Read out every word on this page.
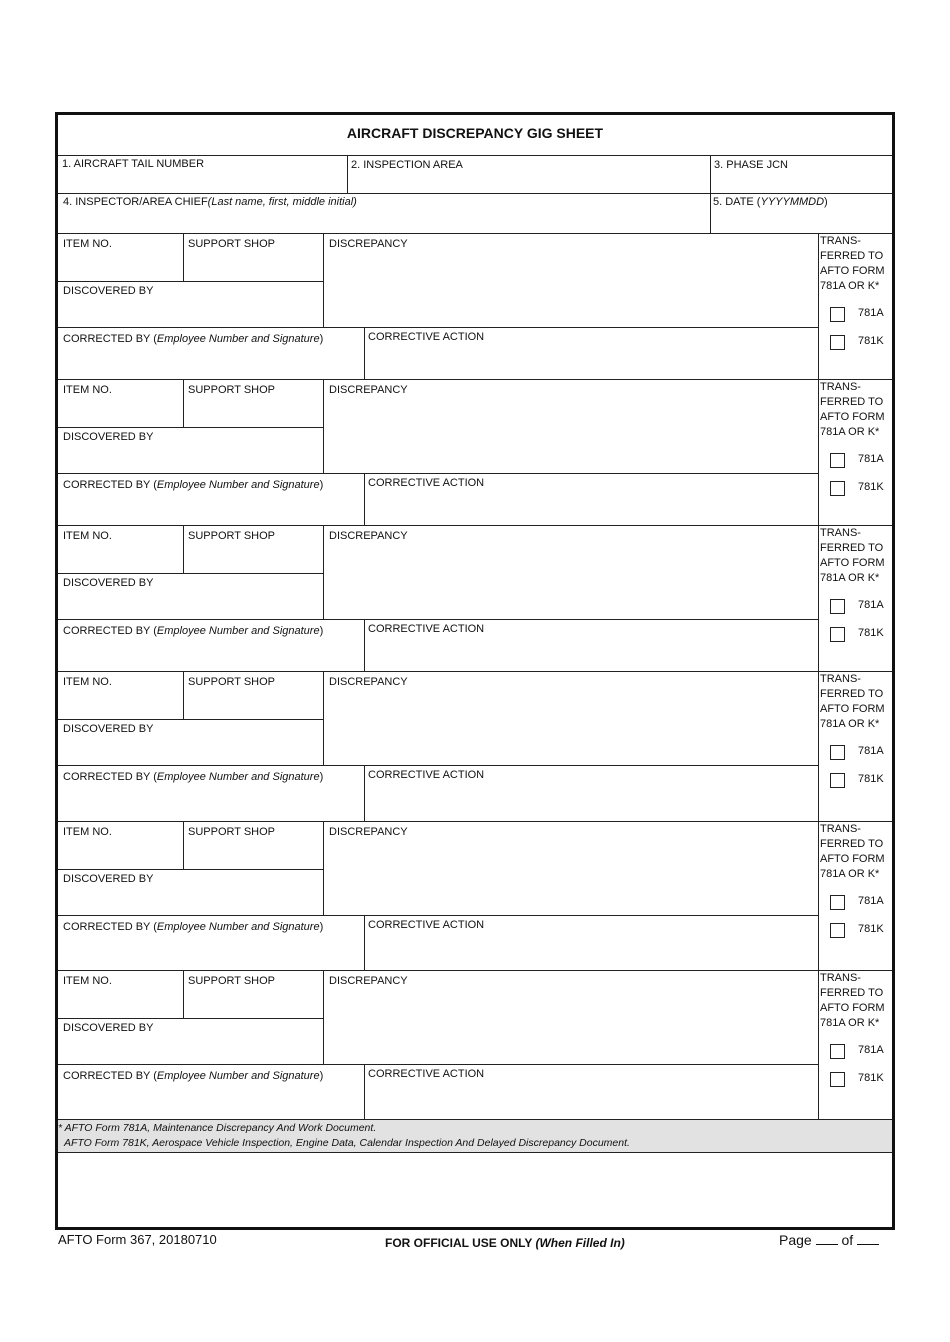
AIRCRAFT DISCREPANCY GIG SHEET
1. AIRCRAFT TAIL NUMBER	2. INSPECTION AREA	3. PHASE JCN
4. INSPECTOR/AREA CHIEF(Last name, first, middle initial)	5. DATE (YYYYMMDD)
ITEM NO.	SUPPORT SHOP	DISCREPANCY
DISCOVERED BY
CORRECTED BY (Employee Number and Signature)	CORRECTIVE ACTION
TRANS-
FERRED TO
AFTO FORM
781A OR K*
781A
781K
ITEM NO.	SUPPORT SHOP	DISCREPANCY
DISCOVERED BY
CORRECTED BY (Employee Number and Signature)	CORRECTIVE ACTION
TRANS-
FERRED TO
AFTO FORM
781A OR K*
781A
781K
ITEM NO.	SUPPORT SHOP	DISCREPANCY
DISCOVERED BY
CORRECTED BY (Employee Number and Signature)	CORRECTIVE ACTION
TRANS-
FERRED TO
AFTO FORM
781A OR K*
781A
781K
ITEM NO.	SUPPORT SHOP	DISCREPANCY
DISCOVERED BY
CORRECTED BY (Employee Number and Signature)	CORRECTIVE ACTION
TRANS-
FERRED TO
AFTO FORM
781A OR K*
781A
781K
ITEM NO.	SUPPORT SHOP	DISCREPANCY
DISCOVERED BY
CORRECTED BY (Employee Number and Signature)	CORRECTIVE ACTION
TRANS-
FERRED TO
AFTO FORM
781A OR K*
781A
781K
ITEM NO.	SUPPORT SHOP	DISCREPANCY
DISCOVERED BY
CORRECTED BY (Employee Number and Signature)	CORRECTIVE ACTION
TRANS-
FERRED TO
AFTO FORM
781A OR K*
781A
781K
* AFTO Form 781A, Maintenance Discrepancy And Work Document.
AFTO Form 781K, Aerospace Vehicle Inspection, Engine Data, Calendar Inspection And Delayed Discrepancy Document.
AFTO Form 367, 20180710	FOR OFFICIAL USE ONLY (When Filled In)	Page of
